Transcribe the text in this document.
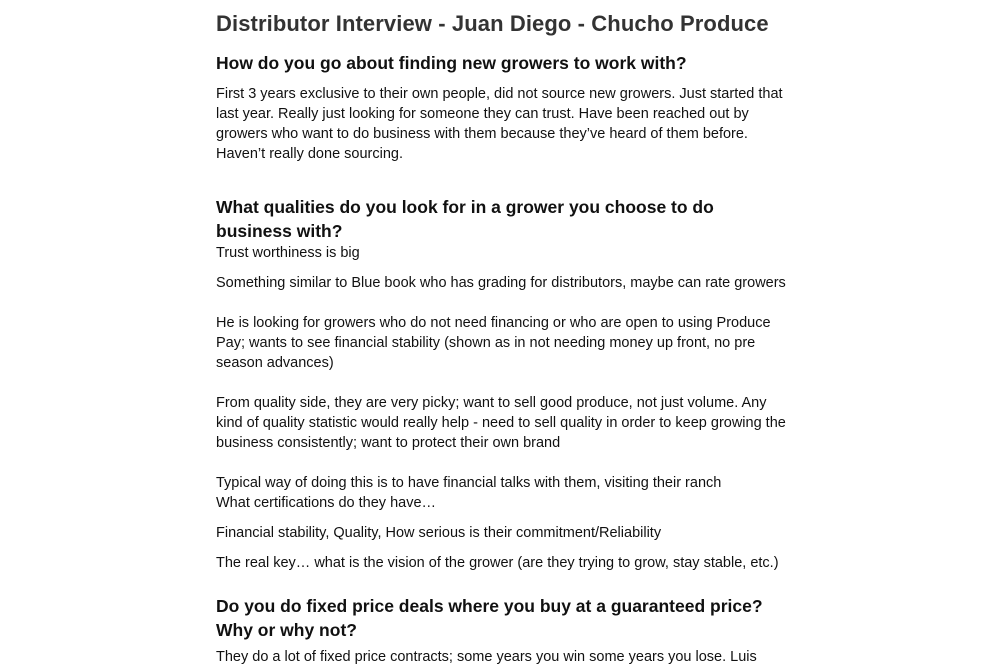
Distributor Interview - Juan Diego - Chucho Produce
How do you go about finding new growers to work with?

First 3 years exclusive to their own people, did not source new growers. Just started that last year. Really just looking for someone they can trust. Have been reached out by growers who want to do business with them because they’ve heard of them before. Haven’t really done sourcing.

What qualities do you look for in a grower you choose to do business with?

Trust worthiness is big

Something similar to Blue book who has grading for distributors, maybe can rate growers

He is looking for growers who do not need financing or who are open to using Produce Pay; wants to see financial stability (shown as in not needing money up front, no pre season advances)

From quality side, they are very picky; want to sell good produce, not just volume. Any kind of quality statistic would really help - need to sell quality in order to keep growing the business consistently; want to protect their own brand

Typical way of doing this is to have financial talks with them, visiting their ranch

What certifications do they have…

Financial stability, Quality, How serious is their commitment/Reliability

The real key… what is the vision of the grower (are they trying to grow, stay stable, etc.)

Do you do fixed price deals where you buy at a guaranteed price? Why or why not?

They do a lot of fixed price contracts; some years you win some years you lose. Luis
